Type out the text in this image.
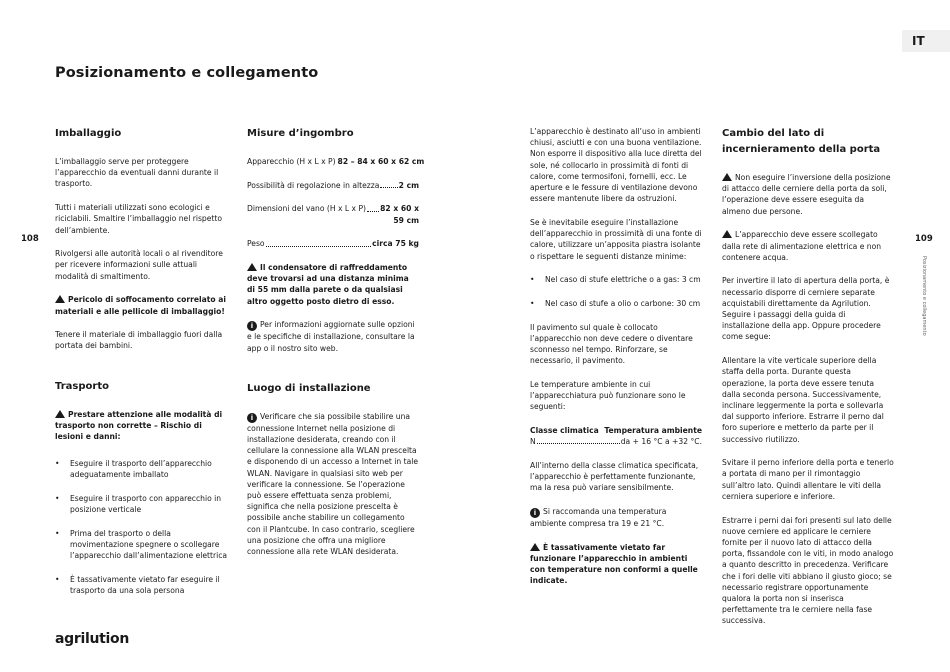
IT
Posizionamento e collegamento
108	109
Posizionamento e collegamento
Imballaggio

L’imballaggio serve per proteggere l’apparecchio da eventuali danni durante il trasporto.

Tutti i materiali utilizzati sono ecologici e riciclabili. Smaltire l’imballaggio nel rispetto dell’ambiente.

Rivolgersi alle autorità locali o al rivenditore per ricevere informazioni sulle attuali modalità di smaltimento.

Pericolo di soffocamento correlato ai materiali e alle pellicole di imballaggio!

Tenere il materiale di imballaggio fuori dalla portata dei bambini.

Trasporto

Prestare attenzione alle modalità di trasporto non corrette – Rischio di lesioni e danni:

• Eseguire il trasporto dell’apparecchio adeguatamente imballato
• Eseguire il trasporto con apparecchio in posizione verticale
• Prima del trasporto o della movimentazione spegnere o scollegare l’apparecchio dall’alimentazione elettrica
• È tassativamente vietato far eseguire il trasporto da una sola persona
Misure d’ingombro
Apparecchio (H x L x P) 82 – 84 x 60 x 62 cm
Possibilità di regolazione in altezza	2 cm
Dimensioni del vano (H x L x P) 82 x 60 x
59 cm
Peso	circa 75 kg

Il condensatore di raffreddamento deve trovarsi ad una distanza minima di 55 mm dalla parete o da qualsiasi altro oggetto posto dietro di esso.

i Per informazioni aggiornate sulle opzioni e le specifiche di installazione, consultare la app o il nostro sito web.

Luogo di installazione

i Verificare che sia possibile stabilire una connessione Internet nella posizione di installazione desiderata, creando con il cellulare la connessione alla WLAN prescelta e disponendo di un accesso a Internet in tale WLAN. Navigare in qualsiasi sito web per verificare la connessione. Se l’operazione può essere effettuata senza problemi, significa che nella posizione prescelta è possibile anche stabilire un collegamento con il Plantcube. In caso contrario, scegliere una posizione che offra una migliore connessione alla rete WLAN desiderata.

L’apparecchio è destinato all’uso in ambienti chiusi, asciutti e con una buona ventilazione. Non esporre il dispositivo alla luce diretta del sole, né collocarlo in prossimità di fonti di calore, come termosifoni, fornelli, ecc. Le aperture e le fessure di ventilazione devono essere mantenute libere da ostruzioni.

Se è inevitabile eseguire l’installazione dell’apparecchio in prossimità di una fonte di calore, utilizzare un’apposita piastra isolante o rispettare le seguenti distanze minime:

• Nel caso di stufe elettriche o a gas: 3 cm
• Nel caso di stufe a olio o carbone: 30 cm

Il pavimento sul quale è collocato l’apparecchio non deve cedere o diventare sconnesso nel tempo. Rinforzare, se necessario, il pavimento.

Le temperature ambiente in cui l’apparecchiatura può funzionare sono le seguenti:

Classe climatica Temperatura ambiente
N	da + 16 °C a +32 °C.

All’interno della classe climatica specificata, l’apparecchio è perfettamente funzionante, ma la resa può variare sensibilmente.

i Si raccomanda una temperatura ambiente compresa tra 19 e 21 °C.

È tassativamente vietato far funzionare l’apparecchio in ambienti con temperature non conformi a quelle indicate.

Cambio del lato di incernieramento della porta

Non eseguire l’inversione della posizione di attacco delle cerniere della porta da soli, l’operazione deve essere eseguita da almeno due persone.

L’apparecchio deve essere scollegato dalla rete di alimentazione elettrica e non contenere acqua.

Per invertire il lato di apertura della porta, è necessario disporre di cerniere separate acquistabili direttamente da Agrilution. Seguire i passaggi della guida di installazione della app. Oppure procedere come segue:

Allentare la vite verticale superiore della staffa della porta. Durante questa operazione, la porta deve essere tenuta dalla seconda persona. Successivamente, inclinare leggermente la porta e sollevarla dal supporto inferiore. Estrarre il perno dal foro superiore e metterlo da parte per il successivo riutilizzo.

Svitare il perno inferiore della porta e tenerlo a portata di mano per il rimontaggio sull’altro lato. Quindi allentare le viti della cerniera superiore e inferiore.

Estrarre i perni dai fori presenti sul lato delle nuove cerniere ed applicare le cerniere fornite per il nuovo lato di attacco della porta, fissandole con le viti, in modo analogo a quanto descritto in precedenza. Verificare che i fori delle viti abbiano il giusto gioco; se necessario registrare opportunamente qualora la porta non si inserisca perfettamente tra le cerniere nella fase successiva.

agrilution
